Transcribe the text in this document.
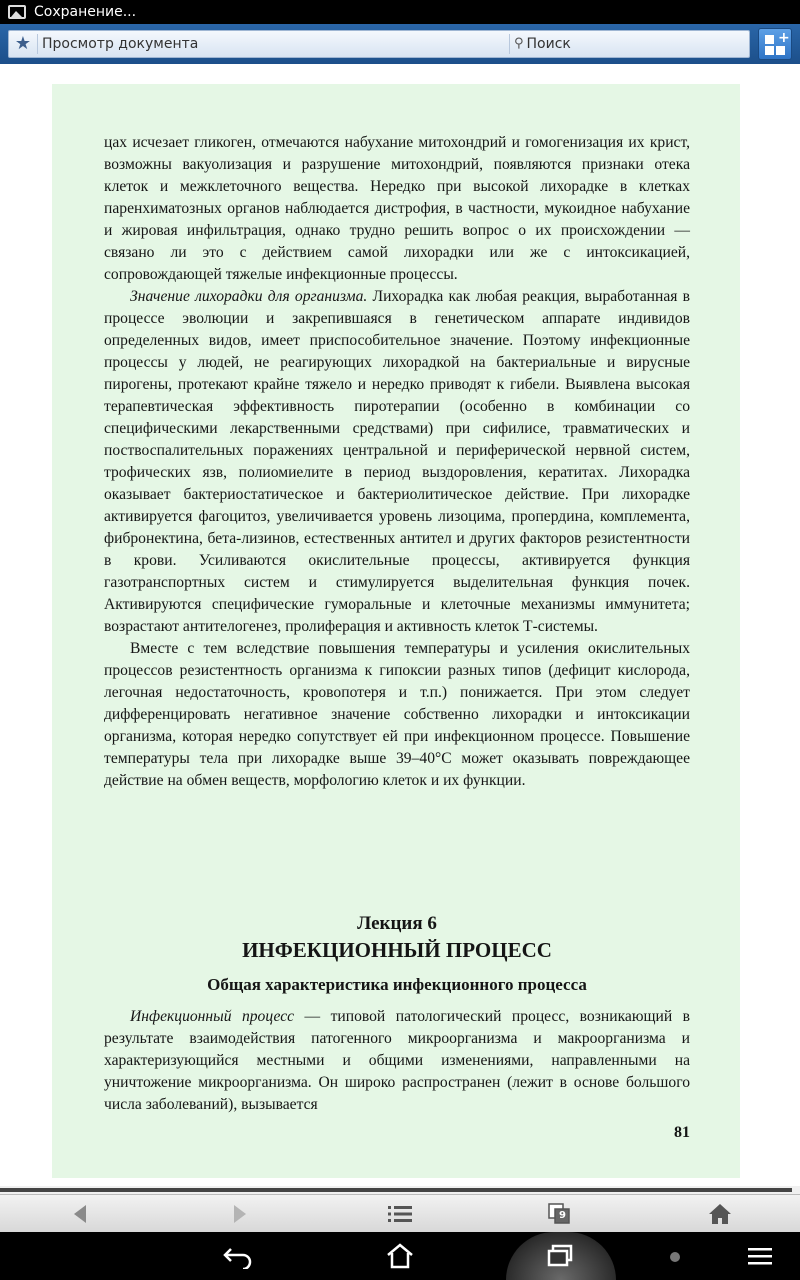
Сохранение...
★ Просмотр документа	⚲ Поиск	+

цах исчезает гликоген, отмечаются набухание митохондрий и гомогенизация их крист, возможны вакуолизация и разрушение митохондрий, появляются признаки отека клеток и межклеточного вещества. Нередко при высокой лихорадке в клетках паренхиматозных органов наблюдается дистрофия, в частности, мукоидное набухание и жировая инфильтрация, однако трудно решить вопрос о их происхождении — связано ли это с действием самой лихорадки или же с интоксикацией, сопровождающей тяжелые инфекционные процессы.

Значение лихорадки для организма. Лихорадка как любая реакция, выработанная в процессе эволюции и закрепившаяся в генетическом аппарате индивидов определенных видов, имеет приспособительное значение. Поэтому инфекционные процессы у людей, не реагирующих лихорадкой на бактериальные и вирусные пирогены, протекают крайне тяжело и нередко приводят к гибели. Выявлена высокая терапевтическая эффективность пиротерапии (особенно в комбинации со специфическими лекарственными средствами) при сифилисе, травматических и поствоспалительных поражениях центральной и периферической нервной систем, трофических язв, полиомиелите в период выздоровления, кератитах. Лихорадка оказывает бактериостатическое и бактериолитическое действие. При лихорадке активируется фагоцитоз, увеличивается уровень лизоцима, пропердина, комплемента, фибронектина, бета-лизинов, естественных антител и других факторов резистентности в крови. Усиливаются окислительные процессы, активируется функция газотранспортных систем и стимулируется выделительная функция почек. Активируются специфические гуморальные и клеточные механизмы иммунитета; возрастают антителогенез, пролиферация и активность клеток Т-системы.

Вместе с тем вследствие повышения температуры и усиления окислительных процессов резистентность организма к гипоксии разных типов (дефицит кислорода, легочная недостаточность, кровопотеря и т.п.) понижается. При этом следует дифференцировать негативное значение собственно лихорадки и интоксикации организма, которая нередко сопутствует ей при инфекционном процессе. Повышение температуры тела при лихорадке выше 39–40°С может оказывать повреждающее действие на обмен веществ, морфологию клеток и их функции.

Лекция 6
ИНФЕКЦИОННЫЙ ПРОЦЕСС
Общая характеристика инфекционного процесса
Инфекционный процесс — типовой патологический процесс, возникающий в результате взаимодействия патогенного микроорганизма и макроорганизма и характеризующийся местными и общими изменениями, направленными на уничтожение микроорганизма. Он широко распространен (лежит в основе большого числа заболеваний), вызывается
81
9
